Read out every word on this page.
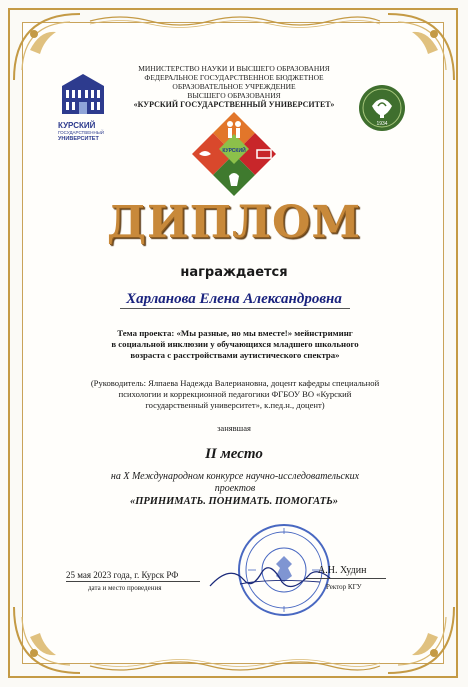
КУРСКИЙ
ГОСУДАРСТВЕННЫЙ
УНИВЕРСИТЕТ
МИНИСТЕРСТВО НАУКИ И ВЫСШЕГО ОБРАЗОВАНИЯ
ФЕДЕРАЛЬНОЕ ГОСУДАРСТВЕННОЕ БЮДЖЕТНОЕ
ОБРАЗОВАТЕЛЬНОЕ УЧРЕЖДЕНИЕ
ВЫСШЕГО ОБРАЗОВАНИЯ
«КУРСКИЙ ГОСУДАРСТВЕННЫЙ УНИВЕРСИТЕТ»
1934
КУРСКИЙ
ДИПЛОМ
награждается
Харланова Елена Александровна
Тема проекта: «Мы разные, но мы вместе!» мейнстриминг
в социальной инклюзии у обучающихся младшего школьного
возраста с расстройствами аутистического спектра»
(Руководитель: Ялпаева Надежда Валериановна, доцент кафедры специальной
психологии и коррекционной педагогики ФГБОУ ВО «Курский
государственный университет», к.пед.н., доцент)
занявшая
II место
на X Международном конкурсе научно-исследовательских
проектов
«ПРИНИМАТЬ. ПОНИМАТЬ. ПОМОГАТЬ»
25 мая 2023 года, г. Курск РФ
дата и место проведения
А.Н. Худин
Ректор КГУ
